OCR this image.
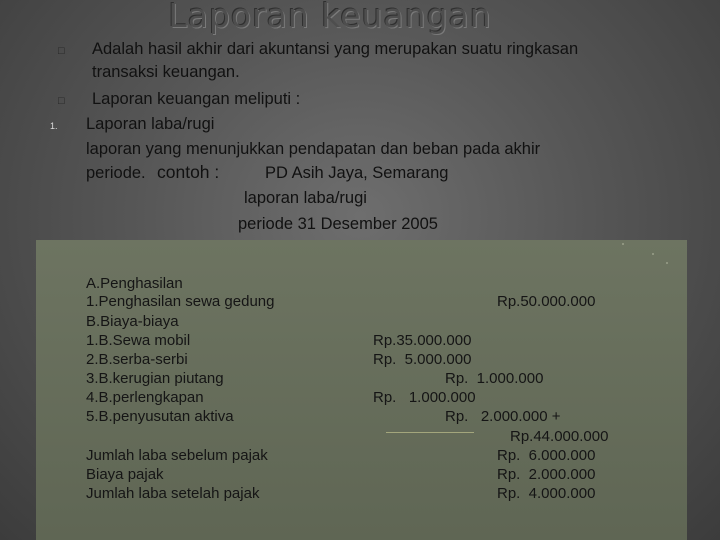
Laporan keuangan
□ Adalah hasil akhir dari akuntansi yang merupakan suatu ringkasan
transaksi keuangan.
□ Laporan keuangan meliputi :
1. Laporan laba/rugi
laporan yang menunjukkan pendapatan dan beban pada akhir
periode. contoh :	PD Asih Jaya, Semarang
laporan laba/rugi
periode 31 Desember 2005
A.Penghasilan
1.Penghasilan sewa gedung	Rp.50.000.000
B.Biaya-biaya
1.B.Sewa mobil	Rp.35.000.000
2.B.serba-serbi	Rp.  5.000.000
3.B.kerugian piutang	Rp.  1.000.000
4.B.perlengkapan	Rp.   1.000.000
5.B.penyusutan aktiva	Rp.   2.000.000 +
Rp.44.000.000
Jumlah laba sebelum pajak	Rp.  6.000.000
Biaya pajak	Rp.  2.000.000
Jumlah laba setelah pajak	Rp.  4.000.000
